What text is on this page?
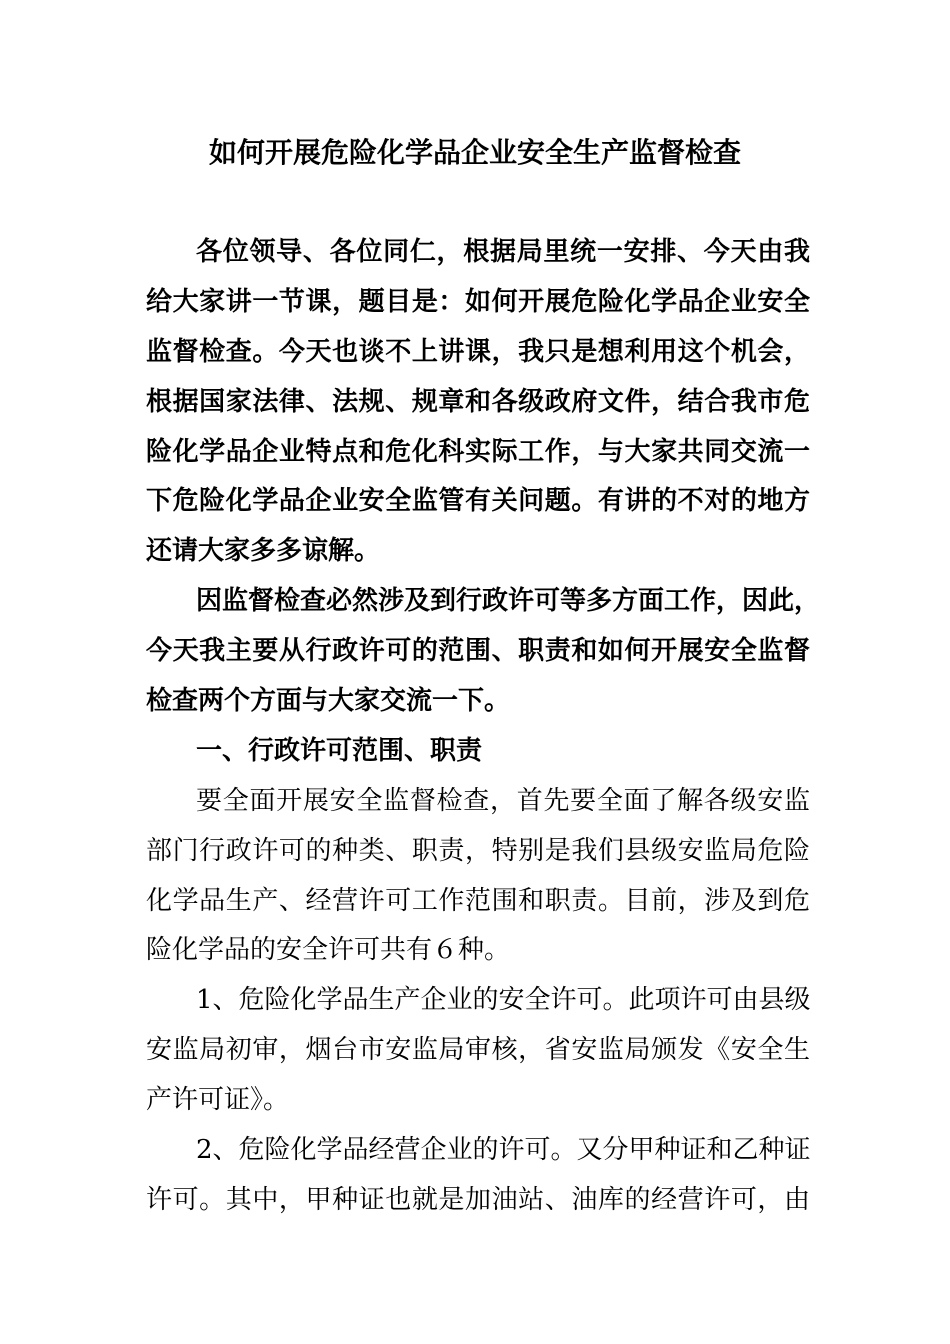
如何开展危险化学品企业安全生产监督检查
各位领导、各位同仁，根据局里统一安排、今天由我
给大家讲一节课，题目是：如何开展危险化学品企业安全
监督检查。今天也谈不上讲课，我只是想利用这个机会，
根据国家法律、法规、规章和各级政府文件，结合我市危
险化学品企业特点和危化科实际工作，与大家共同交流一
下危险化学品企业安全监管有关问题。有讲的不对的地方
还请大家多多谅解。
因监督检查必然涉及到行政许可等多方面工作，因此，
今天我主要从行政许可的范围、职责和如何开展安全监督
检查两个方面与大家交流一下。
一、行政许可范围、职责
要全面开展安全监督检查，首先要全面了解各级安监
部门行政许可的种类、职责，特别是我们县级安监局危险
化学品生产、经营许可工作范围和职责。目前，涉及到危
险化学品的安全许可共有６种。
1、危险化学品生产企业的安全许可。此项许可由县级
安监局初审，烟台市安监局审核，省安监局颁发《安全生
产许可证》。
2、危险化学品经营企业的许可。又分甲种证和乙种证
许可。其中，甲种证也就是加油站、油库的经营许可，由
